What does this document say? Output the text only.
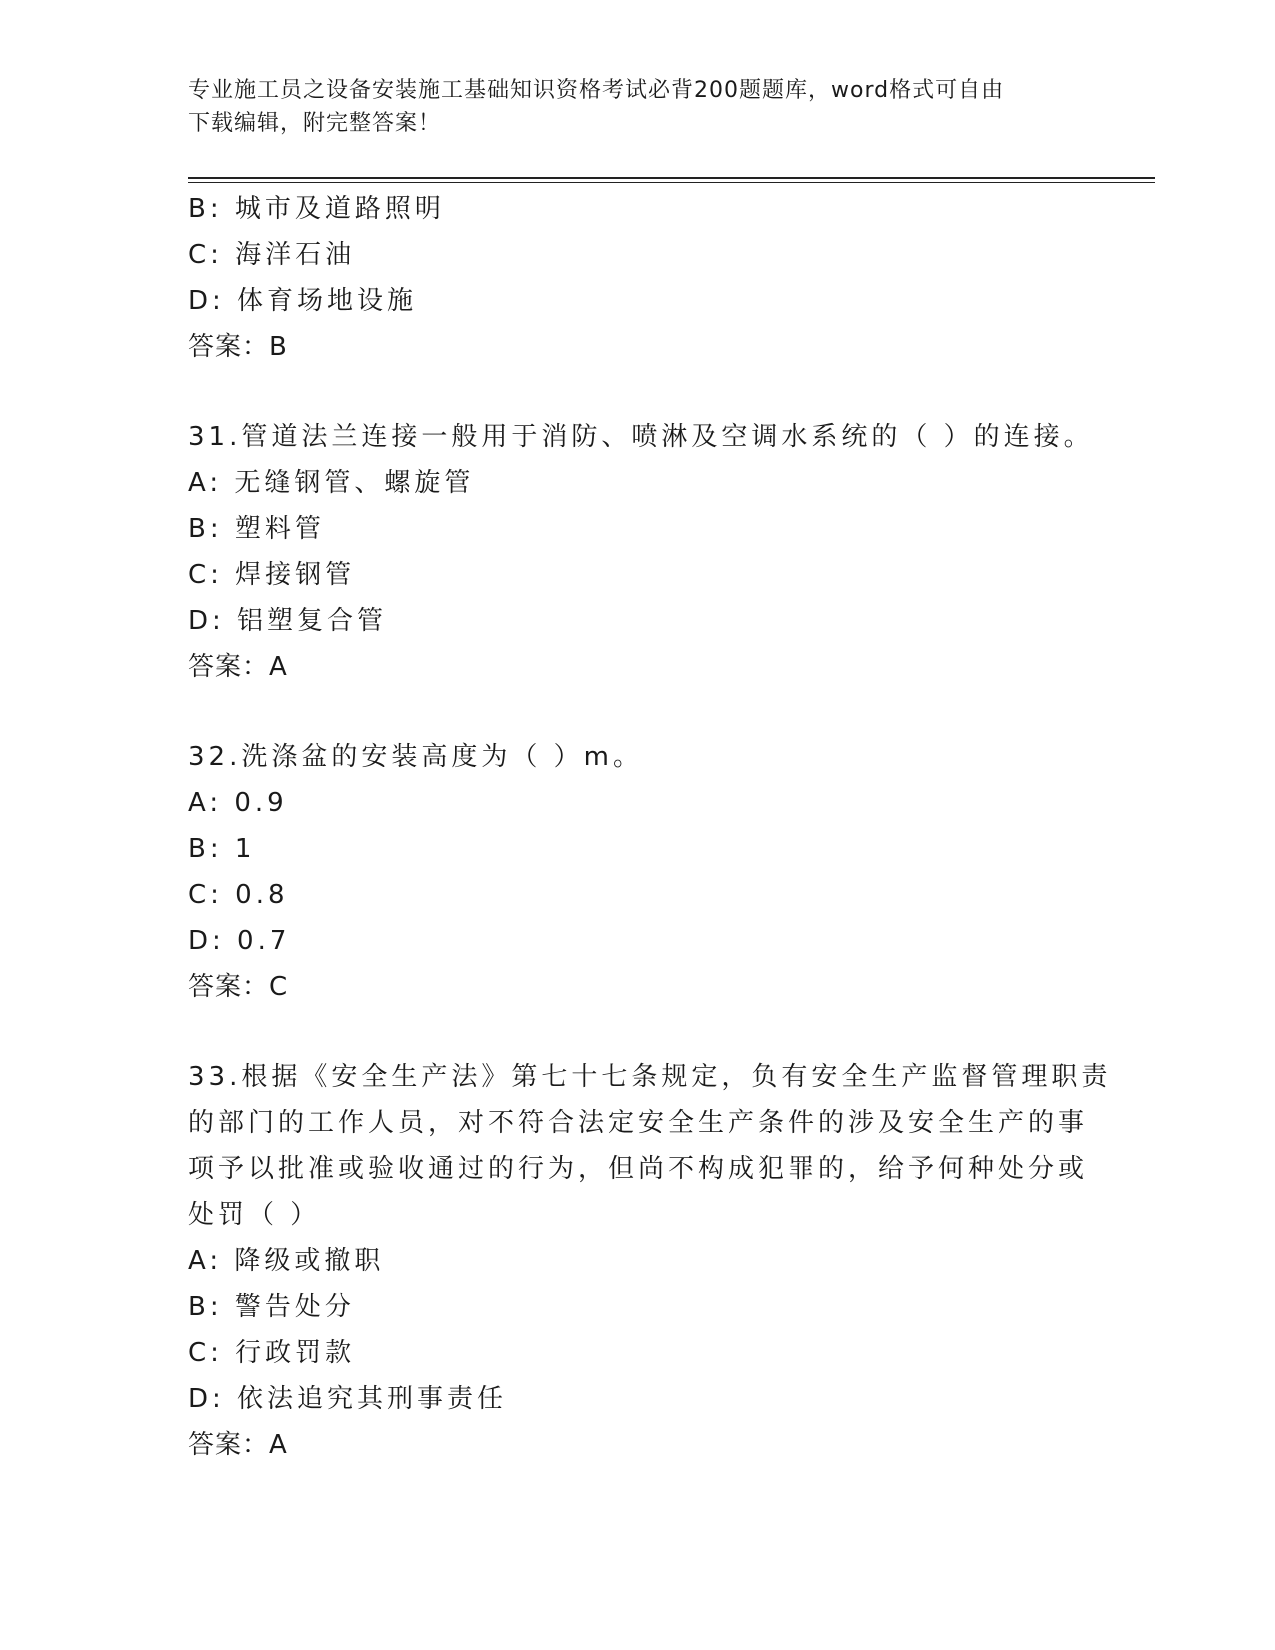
专业施工员之设备安装施工基础知识资格考试必背200题题库，word格式可自由
下载编辑，附完整答案！
B: 城市及道路照明
C: 海洋石油
D: 体育场地设施
答案：B
31.管道法兰连接一般用于消防、喷淋及空调水系统的（ ）的连接。
A: 无缝钢管、螺旋管
B: 塑料管
C: 焊接钢管
D: 铝塑复合管
答案：A
32.洗涤盆的安装高度为（ ）m。
A: 0.9
B: 1
C: 0.8
D: 0.7
答案：C
33.根据《安全生产法》第七十七条规定，负有安全生产监督管理职责
的部门的工作人员，对不符合法定安全生产条件的涉及安全生产的事
项予以批准或验收通过的行为，但尚不构成犯罪的，给予何种处分或
处罚（ ）
A: 降级或撤职
B: 警告处分
C: 行政罚款
D: 依法追究其刑事责任
答案：A
